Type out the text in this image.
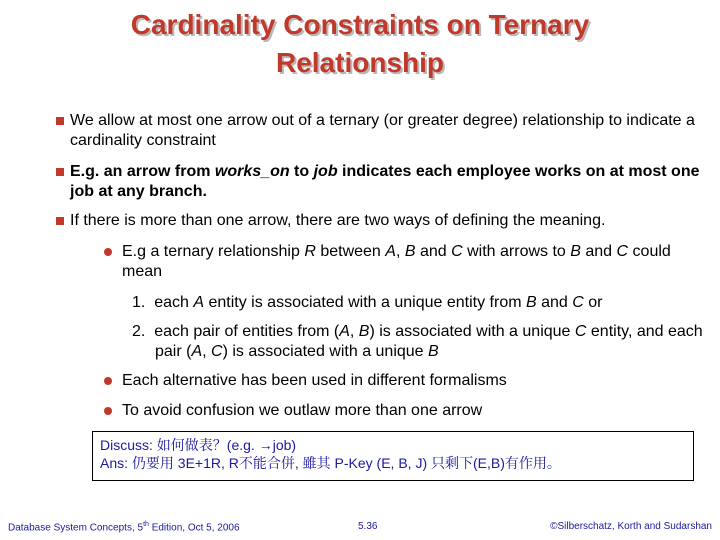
Cardinality Constraints on Ternary
Relationship
We allow at most one arrow out of a ternary (or greater degree) relationship to indicate a cardinality constraint
E.g. an arrow from works_on to job indicates each employee works on at most one job at any branch.
If there is more than one arrow, there are two ways of defining the meaning.
E.g a ternary relationship R between A, B and C with arrows to B and C could mean
1. each A entity is associated with a unique entity from B and C or
2. each pair of entities from (A, B) is associated with a unique C entity, and each pair (A, C) is associated with a unique B
Each alternative has been used in different formalisms
To avoid confusion we outlaw more than one arrow
Discuss: 如何做表？(e.g. →job)
Ans: 仍要用 3E+1R, R不能合併, 雖其 P-Key (E, B, J) 只剩下(E,B)有作用。
Database System Concepts, 5th Edition, Oct 5, 2006	5.36	©Silberschatz, Korth and Sudarshan
